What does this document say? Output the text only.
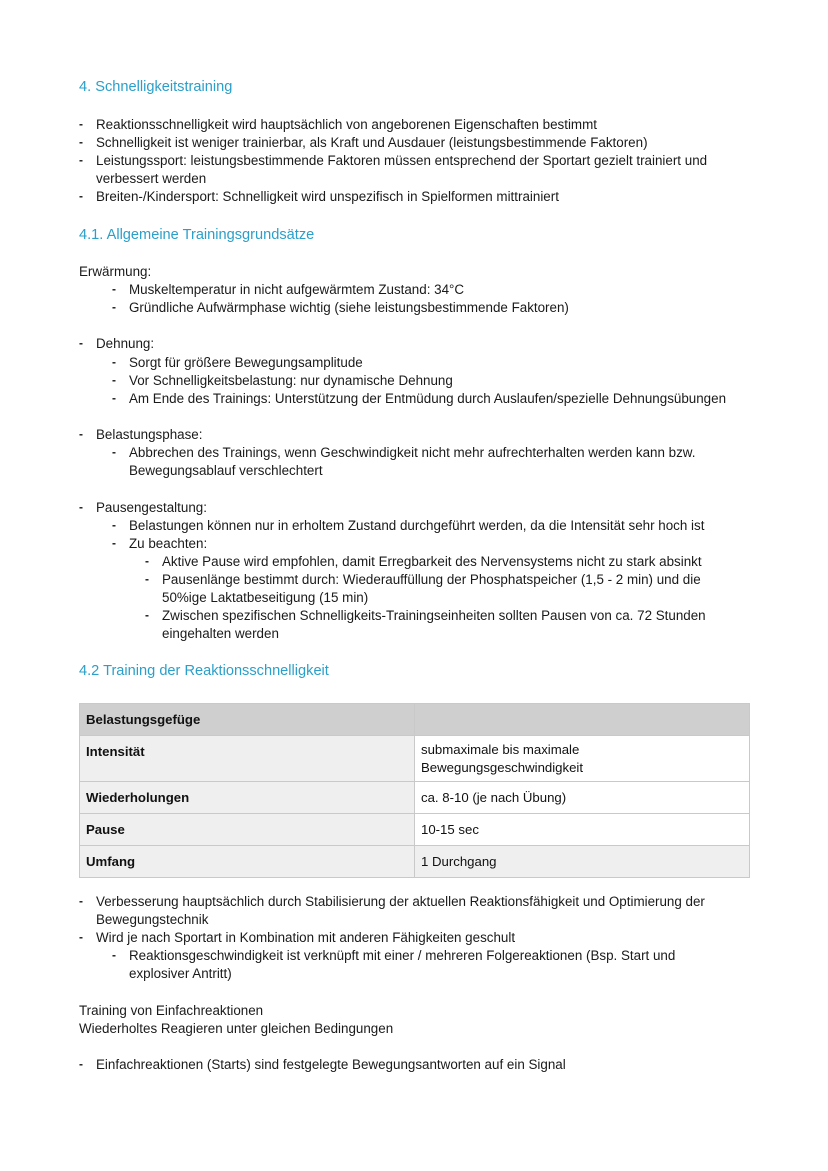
4. Schnelligkeitstraining
- Reaktionsschnelligkeit wird hauptsächlich von angeborenen Eigenschaften bestimmt
- Schnelligkeit ist weniger trainierbar, als Kraft und Ausdauer (leistungsbestimmende Faktoren)
- Leistungssport: leistungsbestimmende Faktoren müssen entsprechend der Sportart gezielt trainiert und
verbessert werden
- Breiten-/Kindersport: Schnelligkeit wird unspezifisch in Spielformen mittrainiert
4.1. Allgemeine Trainingsgrundsätze
Erwärmung:
- Muskeltemperatur in nicht aufgewärmtem Zustand: 34°C
- Gründliche Aufwärmphase wichtig (siehe leistungsbestimmende Faktoren)
- Dehnung:
- Sorgt für größere Bewegungsamplitude
- Vor Schnelligkeitsbelastung: nur dynamische Dehnung
- Am Ende des Trainings: Unterstützung der Entmüdung durch Auslaufen/spezielle Dehnungsübungen
- Belastungsphase:
- Abbrechen des Trainings, wenn Geschwindigkeit nicht mehr aufrechterhalten werden kann bzw.
Bewegungsablauf verschlechtert
- Pausengestaltung:
- Belastungen können nur in erholtem Zustand durchgeführt werden, da die Intensität sehr hoch ist
- Zu beachten:
- Aktive Pause wird empfohlen, damit Erregbarkeit des Nervensystems nicht zu stark absinkt
- Pausenlänge bestimmt durch: Wiederauffüllung der Phosphatspeicher (1,5 - 2 min) und die
50%ige Laktatbeseitigung (15 min)
- Zwischen spezifischen Schnelligkeits-Trainingseinheiten sollten Pausen von ca. 72 Stunden
eingehalten werden
4.2 Training der Reaktionsschnelligkeit
Belastungsgefüge	

Intensität	submaximale bis maximale
Bewegungsgeschwindigkeit

Wiederholungen	ca. 8-10 (je nach Übung)

Pause	10-15 sec

Umfang	1 Durchgang
- Verbesserung hauptsächlich durch Stabilisierung der aktuellen Reaktionsfähigkeit und Optimierung der
Bewegungstechnik
- Wird je nach Sportart in Kombination mit anderen Fähigkeiten geschult
- Reaktionsgeschwindigkeit ist verknüpft mit einer / mehreren Folgereaktionen (Bsp. Start und
explosiver Antritt)
Training von Einfachreaktionen
Wiederholtes Reagieren unter gleichen Bedingungen
- Einfachreaktionen (Starts) sind festgelegte Bewegungsantworten auf ein Signal
